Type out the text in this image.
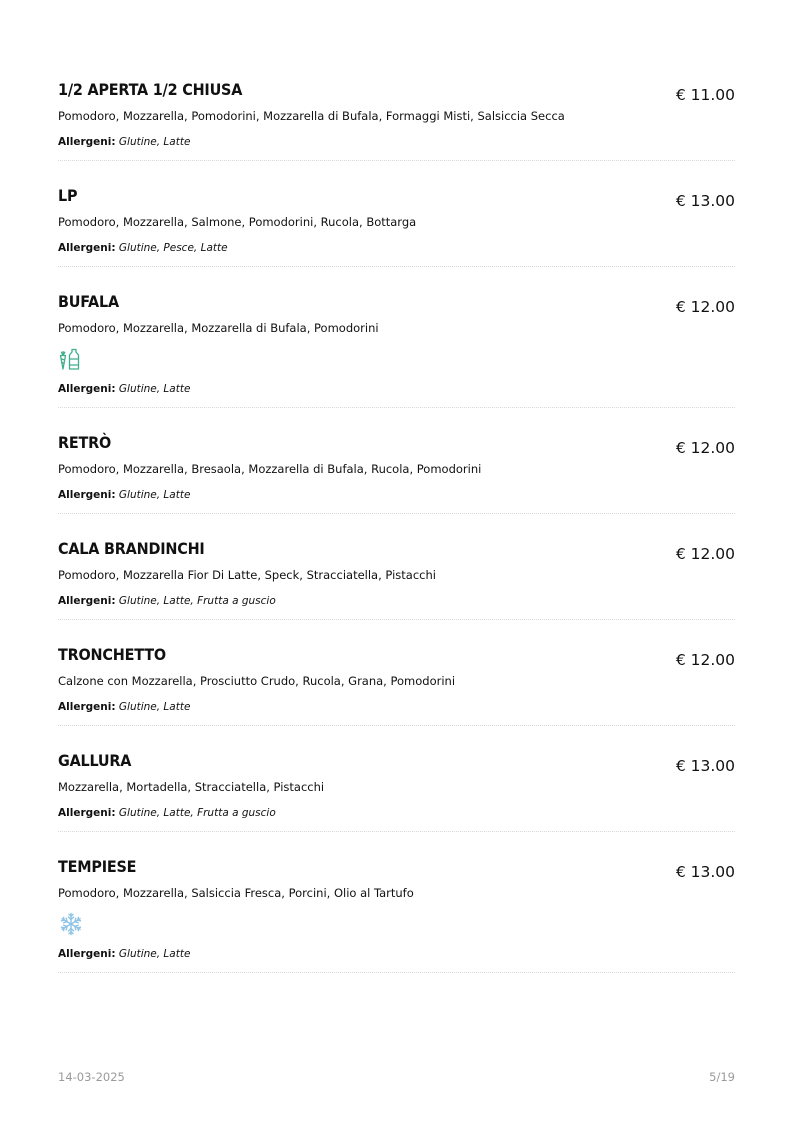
1/2 APERTA 1/2 CHIUSA	€ 11.00
Pomodoro, Mozzarella, Pomodorini, Mozzarella di Bufala, Formaggi Misti, Salsiccia Secca
Allergeni: Glutine, Latte
LP	€ 13.00
Pomodoro, Mozzarella, Salmone, Pomodorini, Rucola, Bottarga
Allergeni: Glutine, Pesce, Latte
BUFALA	€ 12.00
Pomodoro, Mozzarella, Mozzarella di Bufala, Pomodorini
Allergeni: Glutine, Latte
RETRÒ	€ 12.00
Pomodoro, Mozzarella, Bresaola, Mozzarella di Bufala, Rucola, Pomodorini
Allergeni: Glutine, Latte
CALA BRANDINCHI	€ 12.00
Pomodoro, Mozzarella Fior Di Latte, Speck, Stracciatella, Pistacchi
Allergeni: Glutine, Latte, Frutta a guscio
TRONCHETTO	€ 12.00
Calzone con Mozzarella, Prosciutto Crudo, Rucola, Grana, Pomodorini
Allergeni: Glutine, Latte
GALLURA	€ 13.00
Mozzarella, Mortadella, Stracciatella, Pistacchi
Allergeni: Glutine, Latte, Frutta a guscio
TEMPIESE	€ 13.00
Pomodoro, Mozzarella, Salsiccia Fresca, Porcini, Olio al Tartufo
Allergeni: Glutine, Latte
14-03-2025	5/19
